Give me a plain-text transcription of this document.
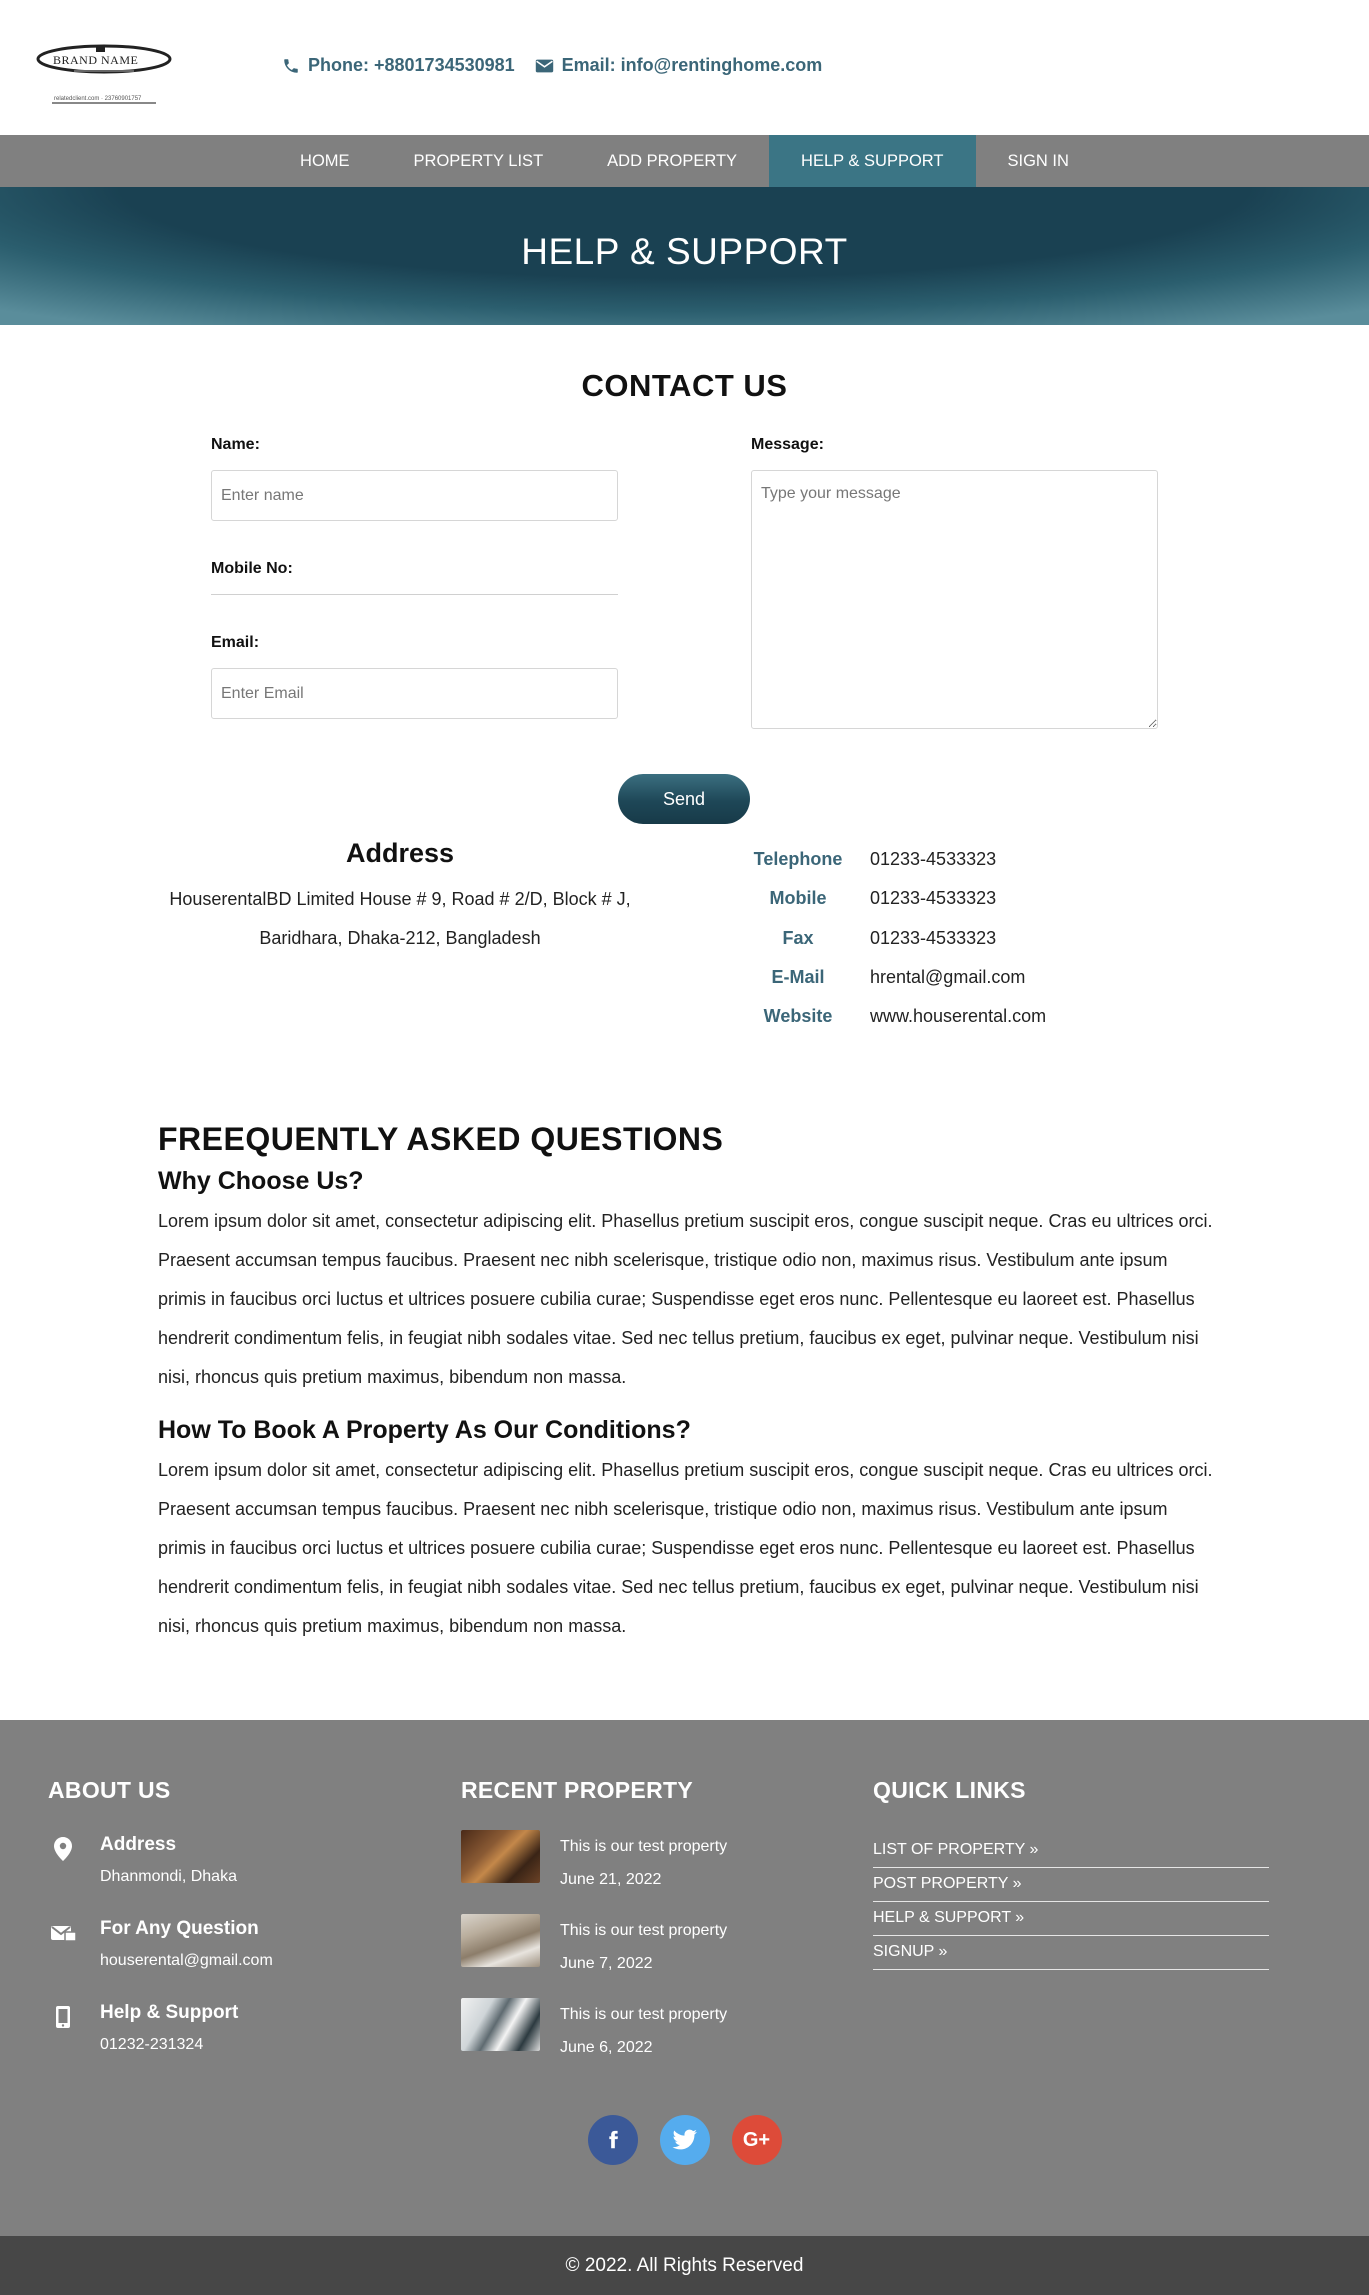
BRAND NAME
relatedclient.com · 23760901757
Phone: +8801734530981	Email: info@rentinghome.com
HOME	PROPERTY LIST	ADD PROPERTY	HELP & SUPPORT	SIGN IN
HELP & SUPPORT
CONTACT US
Name:
Enter name
Mobile No:
Email:
Enter Email
Message:
Type your message
Send
Address
HouserentalBD Limited House # 9, Road # 2/D, Block # J,
Baridhara, Dhaka-212, Bangladesh
Telephone	01233-4533323
Mobile	01233-4533323
Fax	01233-4533323
E-Mail	hrental@gmail.com
Website	www.houserental.com
FREEQUENTLY ASKED QUESTIONS
Why Choose Us?

Lorem ipsum dolor sit amet, consectetur adipiscing elit. Phasellus pretium suscipit eros, congue suscipit neque. Cras eu ultrices orci. Praesent accumsan tempus faucibus. Praesent nec nibh scelerisque, tristique odio non, maximus risus. Vestibulum ante ipsum primis in faucibus orci luctus et ultrices posuere cubilia curae; Suspendisse eget eros nunc. Pellentesque eu laoreet est. Phasellus hendrerit condimentum felis, in feugiat nibh sodales vitae. Sed nec tellus pretium, faucibus ex eget, pulvinar neque. Vestibulum nisi nisi, rhoncus quis pretium maximus, bibendum non massa.

How To Book A Property As Our Conditions?

Lorem ipsum dolor sit amet, consectetur adipiscing elit. Phasellus pretium suscipit eros, congue suscipit neque. Cras eu ultrices orci. Praesent accumsan tempus faucibus. Praesent nec nibh scelerisque, tristique odio non, maximus risus. Vestibulum ante ipsum primis in faucibus orci luctus et ultrices posuere cubilia curae; Suspendisse eget eros nunc. Pellentesque eu laoreet est. Phasellus hendrerit condimentum felis, in feugiat nibh sodales vitae. Sed nec tellus pretium, faucibus ex eget, pulvinar neque. Vestibulum nisi nisi, rhoncus quis pretium maximus, bibendum non massa.

ABOUT US
Address
Dhanmondi, Dhaka
For Any Question
houserental@gmail.com
Help & Support
01232-231324
RECENT PROPERTY
This is our test property
June 21, 2022
This is our test property
June 7, 2022
This is our test property
June 6, 2022
QUICK LINKS
LIST OF PROPERTY »
POST PROPERTY »
HELP & SUPPORT »
SIGNUP »
G+
© 2022. All Rights Reserved
